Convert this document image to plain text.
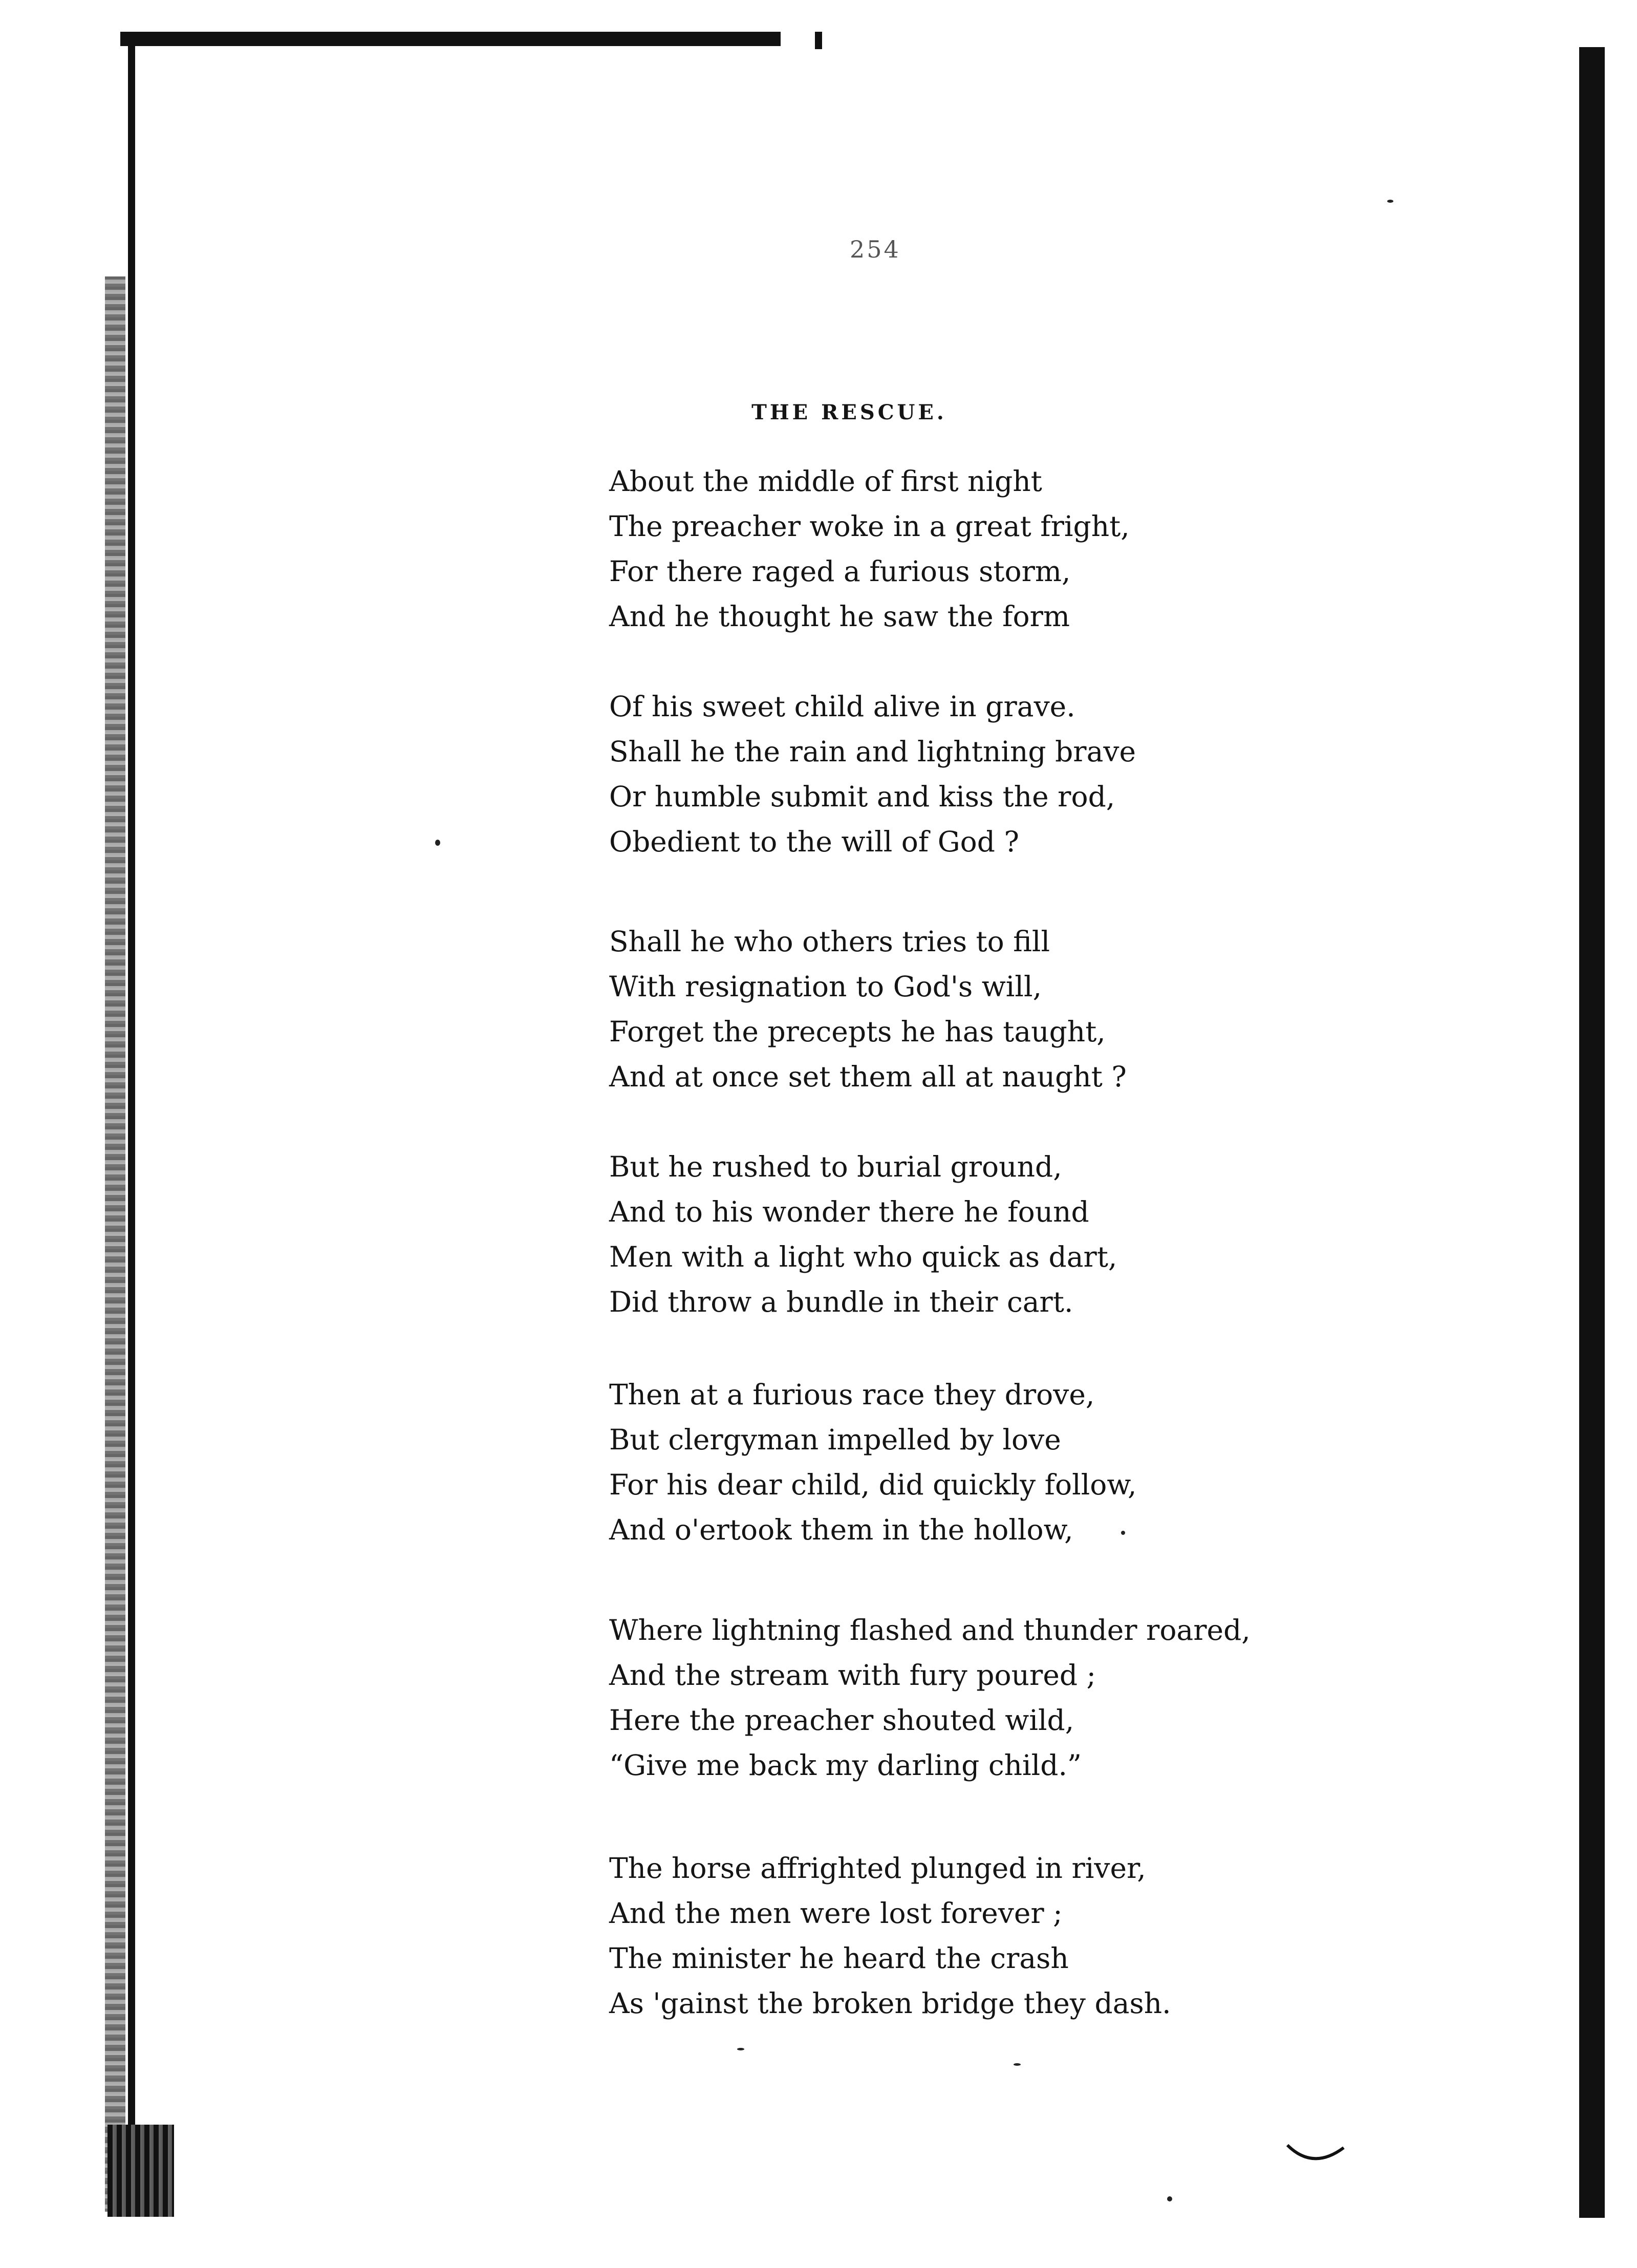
254
THE RESCUE.
About the middle of first night
The preacher woke in a great fright,
For there raged a furious storm,
And he thought he saw the form
Of his sweet child alive in grave.
Shall he the rain and lightning brave
Or humble submit and kiss the rod,
Obedient to the will of God ?
Shall he who others tries to fill
With resignation to God's will,
Forget the precepts he has taught,
And at once set them all at naught ?
But he rushed to burial ground,
And to his wonder there he found
Men with a light who quick as dart,
Did throw a bundle in their cart.
Then at a furious race they drove,
But clergyman impelled by love
For his dear child, did quickly follow,
And o'ertook them in the hollow,
Where lightning flashed and thunder roared,
And the stream with fury poured ;
Here the preacher shouted wild,
“Give me back my darling child.”
The horse affrighted plunged in river,
And the men were lost forever ;
The minister he heard the crash
As 'gainst the broken bridge they dash.
